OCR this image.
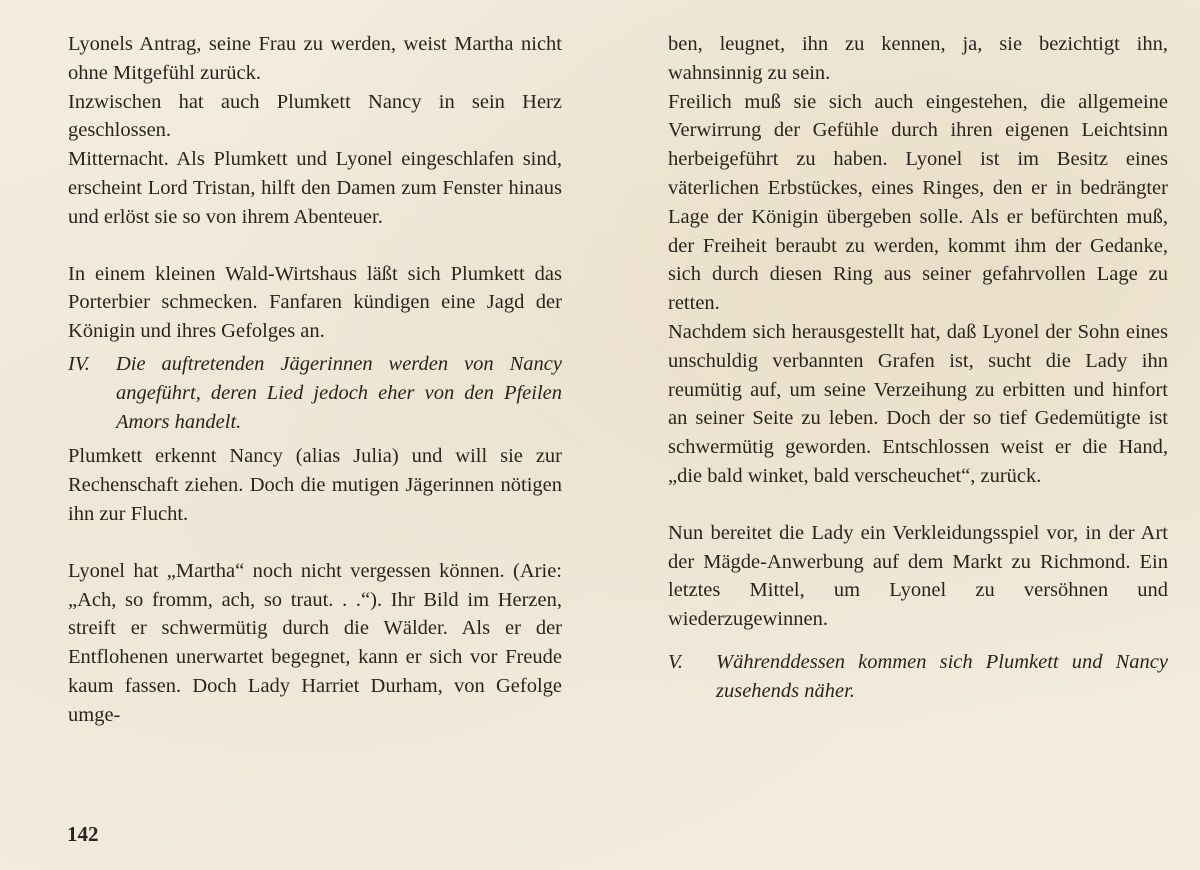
Lyonels Antrag, seine Frau zu werden, weist Martha nicht ohne Mitgefühl zurück.

Inzwischen hat auch Plumkett Nancy in sein Herz geschlossen.

Mitternacht. Als Plumkett und Lyonel eingeschlafen sind, erscheint Lord Tristan, hilft den Damen zum Fenster hinaus und erlöst sie so von ihrem Abenteuer.

In einem kleinen Wald-Wirtshaus läßt sich Plumkett das Porterbier schmecken. Fanfaren kündigen eine Jagd der Königin und ihres Gefolges an.

IV. Die auftretenden Jägerinnen werden von Nancy angeführt, deren Lied jedoch eher von den Pfeilen Amors handelt.

Plumkett erkennt Nancy (alias Julia) und will sie zur Rechenschaft ziehen. Doch die mutigen Jägerinnen nötigen ihn zur Flucht.

Lyonel hat „Martha“ noch nicht vergessen können. (Arie: „Ach, so fromm, ach, so traut. . .“). Ihr Bild im Herzen, streift er schwermütig durch die Wälder. Als er der Entflohenen unerwartet begegnet, kann er sich vor Freude kaum fassen. Doch Lady Harriet Durham, von Gefolge umge-

ben, leugnet, ihn zu kennen, ja, sie bezichtigt ihn, wahnsinnig zu sein.

Freilich muß sie sich auch eingestehen, die allgemeine Verwirrung der Gefühle durch ihren eigenen Leichtsinn herbeigeführt zu haben. Lyonel ist im Besitz eines väterlichen Erbstückes, eines Ringes, den er in bedrängter Lage der Königin übergeben solle. Als er befürchten muß, der Freiheit beraubt zu werden, kommt ihm der Gedanke, sich durch diesen Ring aus seiner gefahrvollen Lage zu retten.

Nachdem sich herausgestellt hat, daß Lyonel der Sohn eines unschuldig verbannten Grafen ist, sucht die Lady ihn reumütig auf, um seine Verzeihung zu erbitten und hinfort an seiner Seite zu leben. Doch der so tief Gedemütigte ist schwermütig geworden. Entschlossen weist er die Hand, „die bald winket, bald verscheuchet“, zurück.

Nun bereitet die Lady ein Verkleidungsspiel vor, in der Art der Mägde-Anwerbung auf dem Markt zu Richmond. Ein letztes Mittel, um Lyonel zu versöhnen und wiederzugewinnen.

V. Währenddessen kommen sich Plumkett und Nancy zusehends näher.

142
